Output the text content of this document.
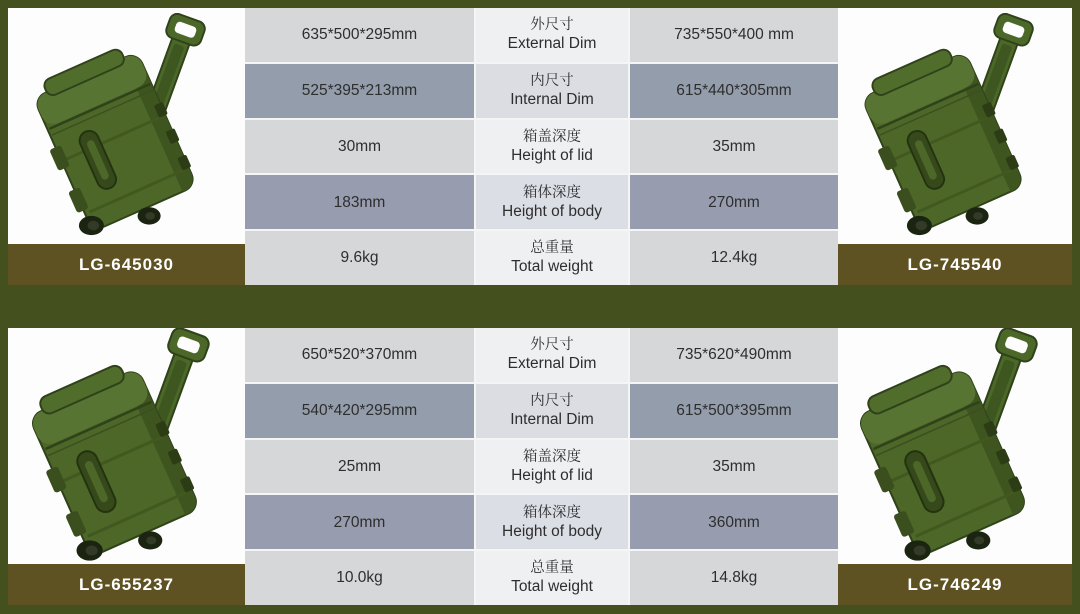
LG-645030
635*500*295mm
外尺寸
External Dim
735*550*400 mm
525*395*213mm
内尺寸
Internal Dim
615*440*305mm
30mm
箱盖深度
Height of lid
35mm
183mm
箱体深度
Height of body
270mm
9.6kg
总重量
Total weight
12.4kg	LG-745540
LG-655237
650*520*370mm
外尺寸
External Dim
735*620*490mm
540*420*295mm
内尺寸
Internal Dim
615*500*395mm
25mm
箱盖深度
Height of lid
35mm
270mm
箱体深度
Height of body
360mm
10.0kg
总重量
Total weight
14.8kg	LG-746249
